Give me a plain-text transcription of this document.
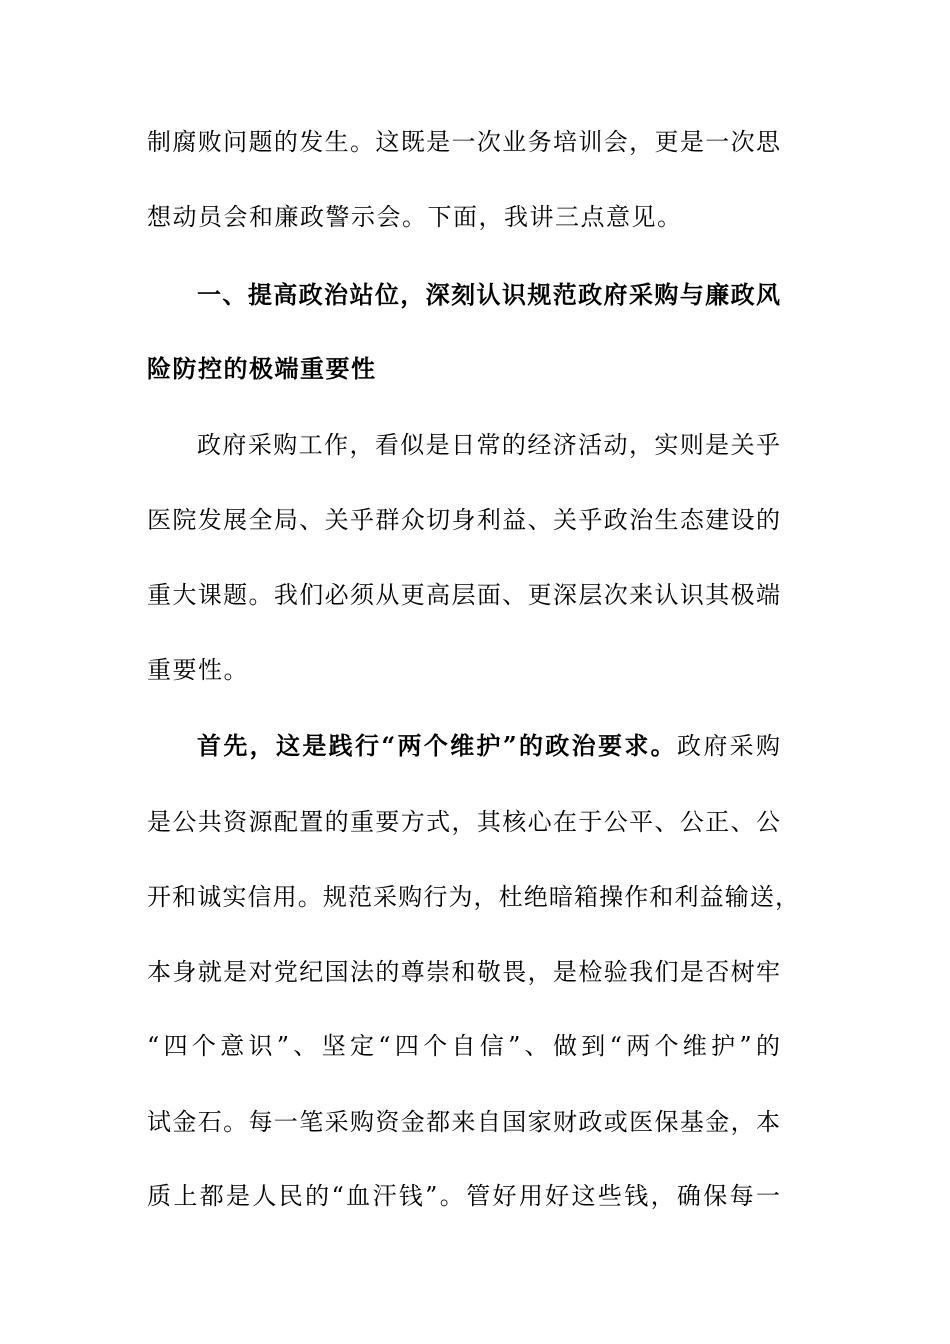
制腐败问题的发生。这既是一次业务培训会，更是一次思
想动员会和廉政警示会。下面，我讲三点意见。
一、提高政治站位，深刻认识规范政府采购与廉政风
险防控的极端重要性
政府采购工作，看似是日常的经济活动，实则是关乎
医院发展全局、关乎群众切身利益、关乎政治生态建设的
重大课题。我们必须从更高层面、更深层次来认识其极端
重要性。
首先，这是践行“两个维护”的政治要求。政府采购
是公共资源配置的重要方式，其核心在于公平、公正、公
开和诚实信用。规范采购行为，杜绝暗箱操作和利益输送，
本身就是对党纪国法的尊崇和敬畏，是检验我们是否树牢
“四个意识”、坚定“四个自信”、做到“两个维护”的
试金石。每一笔采购资金都来自国家财政或医保基金，本
质上都是人民的“血汗钱”。管好用好这些钱，确保每一
